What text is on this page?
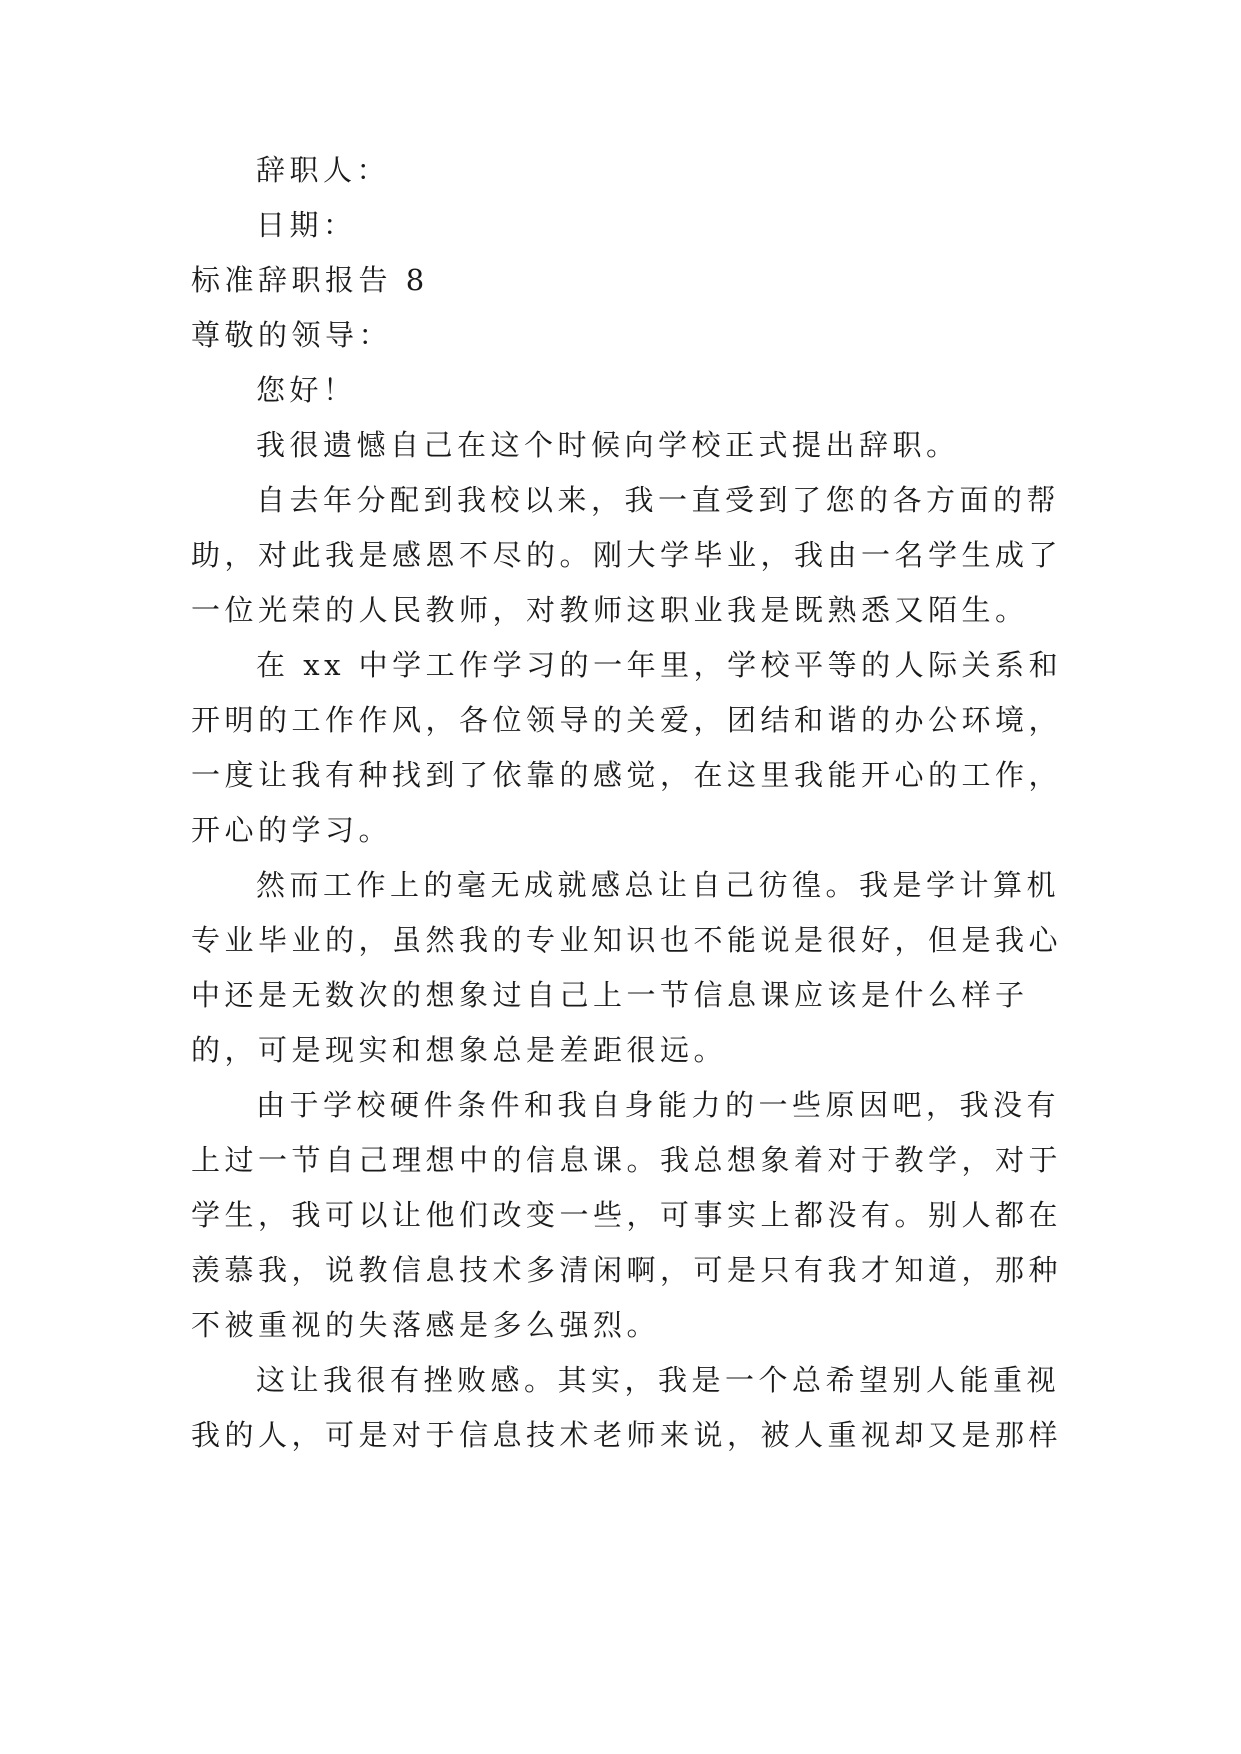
辞职人：
日期：
标准辞职报告 8
尊敬的领导：
您好！
我很遗憾自己在这个时候向学校正式提出辞职。
自去年分配到我校以来，我一直受到了您的各方面的帮
助，对此我是感恩不尽的。刚大学毕业，我由一名学生成了
一位光荣的人民教师，对教师这职业我是既熟悉又陌生。
在 xx 中学工作学习的一年里，学校平等的人际关系和
开明的工作作风，各位领导的关爱，团结和谐的办公环境，
一度让我有种找到了依靠的感觉，在这里我能开心的工作，
开心的学习。
然而工作上的毫无成就感总让自己彷徨。我是学计算机
专业毕业的，虽然我的专业知识也不能说是很好，但是我心
中还是无数次的想象过自己上一节信息课应该是什么样子
的，可是现实和想象总是差距很远。
由于学校硬件条件和我自身能力的一些原因吧，我没有
上过一节自己理想中的信息课。我总想象着对于教学，对于
学生，我可以让他们改变一些，可事实上都没有。别人都在
羡慕我，说教信息技术多清闲啊，可是只有我才知道，那种
不被重视的失落感是多么强烈。
这让我很有挫败感。其实，我是一个总希望别人能重视
我的人，可是对于信息技术老师来说，被人重视却又是那样
